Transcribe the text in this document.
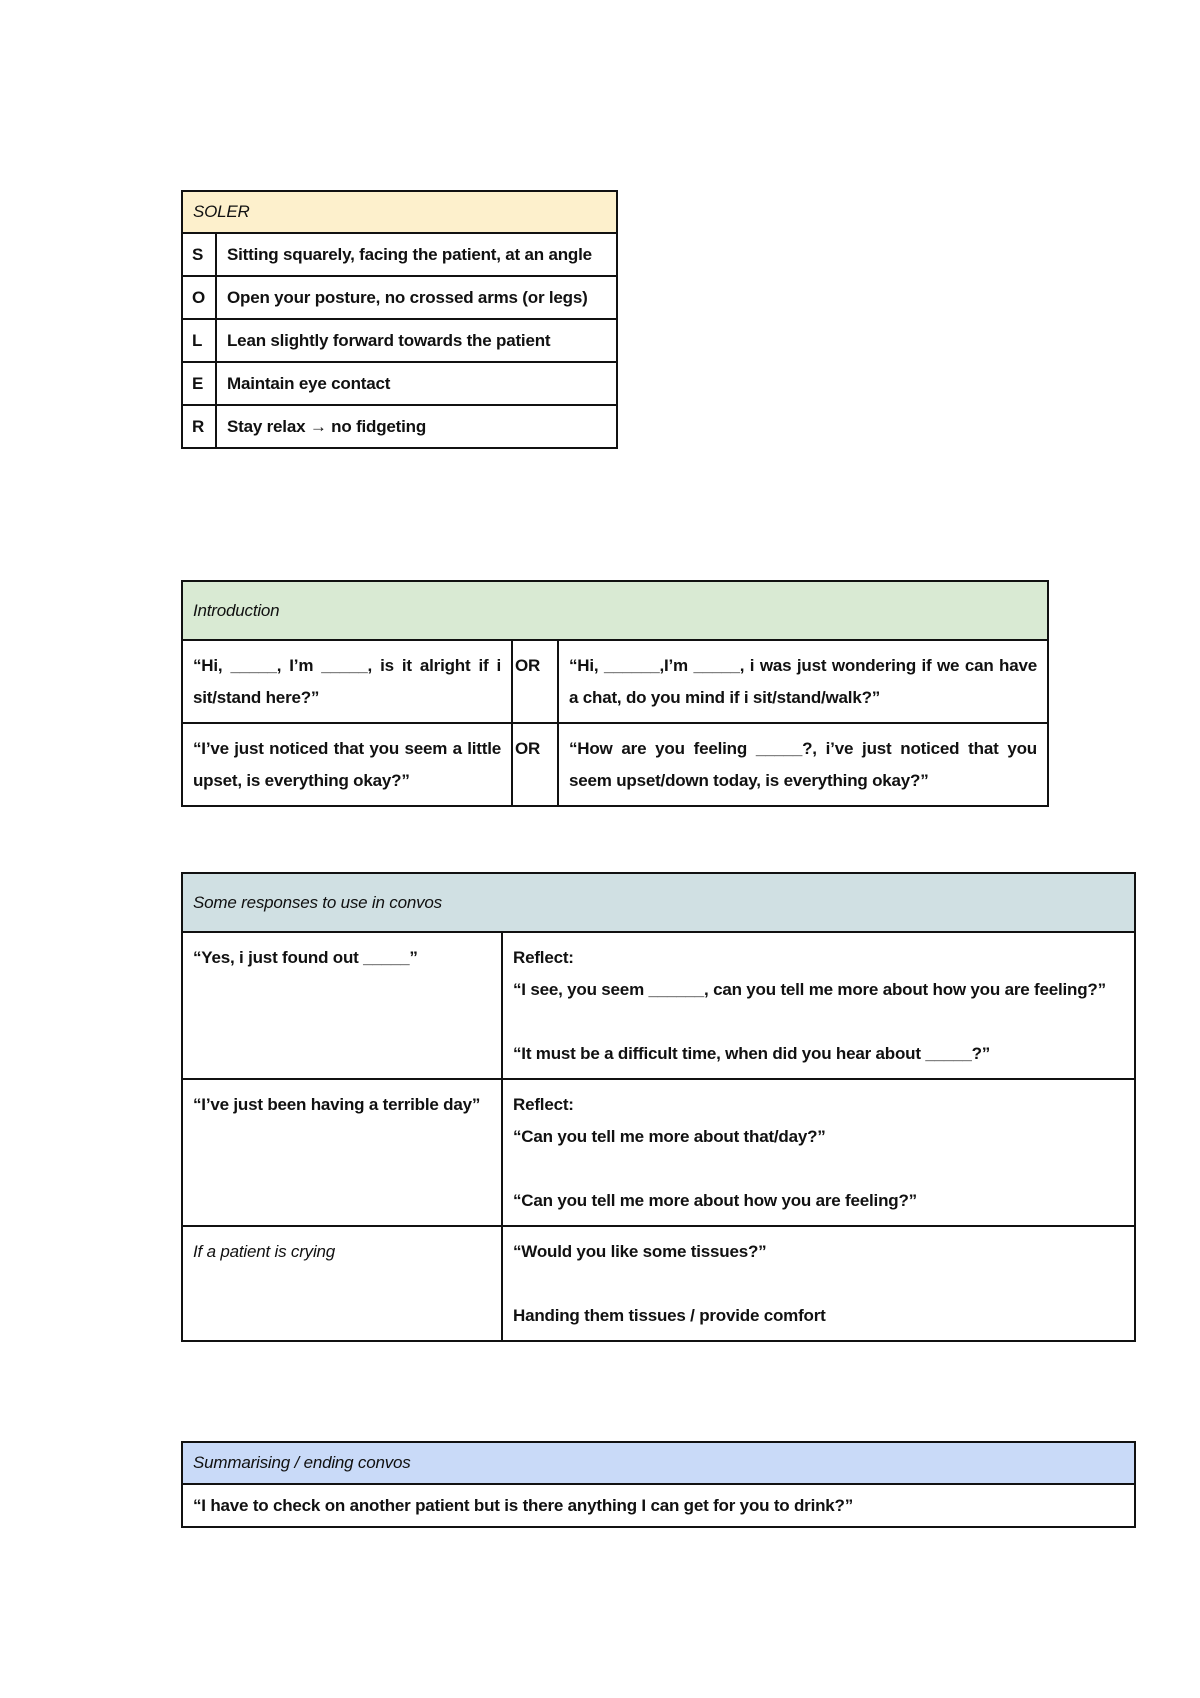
SOLER	
S	Sitting squarely, facing the patient, at an angle
O	Open your posture, no crossed arms (or legs)
L	Lean slightly forward towards the patient
E	Maintain eye contact
R	Stay relax → no fidgeting
Introduction		
“Hi, _____, I’m _____, is it alright if i sit/stand here?”	OR	“Hi, ______,I’m _____, i was just wondering if we can have a chat, do you mind if i sit/stand/walk?”
“I’ve just noticed that you seem a little upset, is everything okay?”	OR	“How are you feeling _____?, i’ve just noticed that you seem upset/down today, is everything okay?”
Some responses to use in convos	
“Yes, i just found out _____”	Reflect:
“I see, you seem ______, can you tell me more about how you are feeling?”
“It must be a difficult time, when did you hear about _____?”

“I’ve just been having a terrible day”	Reflect:
“Can you tell me more about that/day?”
“Can you tell me more about how you are feeling?”

If a patient is crying	“Would you like some tissues?”
Handing them tissues / provide comfort
Summarising / ending convos
“I have to check on another patient but is there anything I can get for you to drink?”
